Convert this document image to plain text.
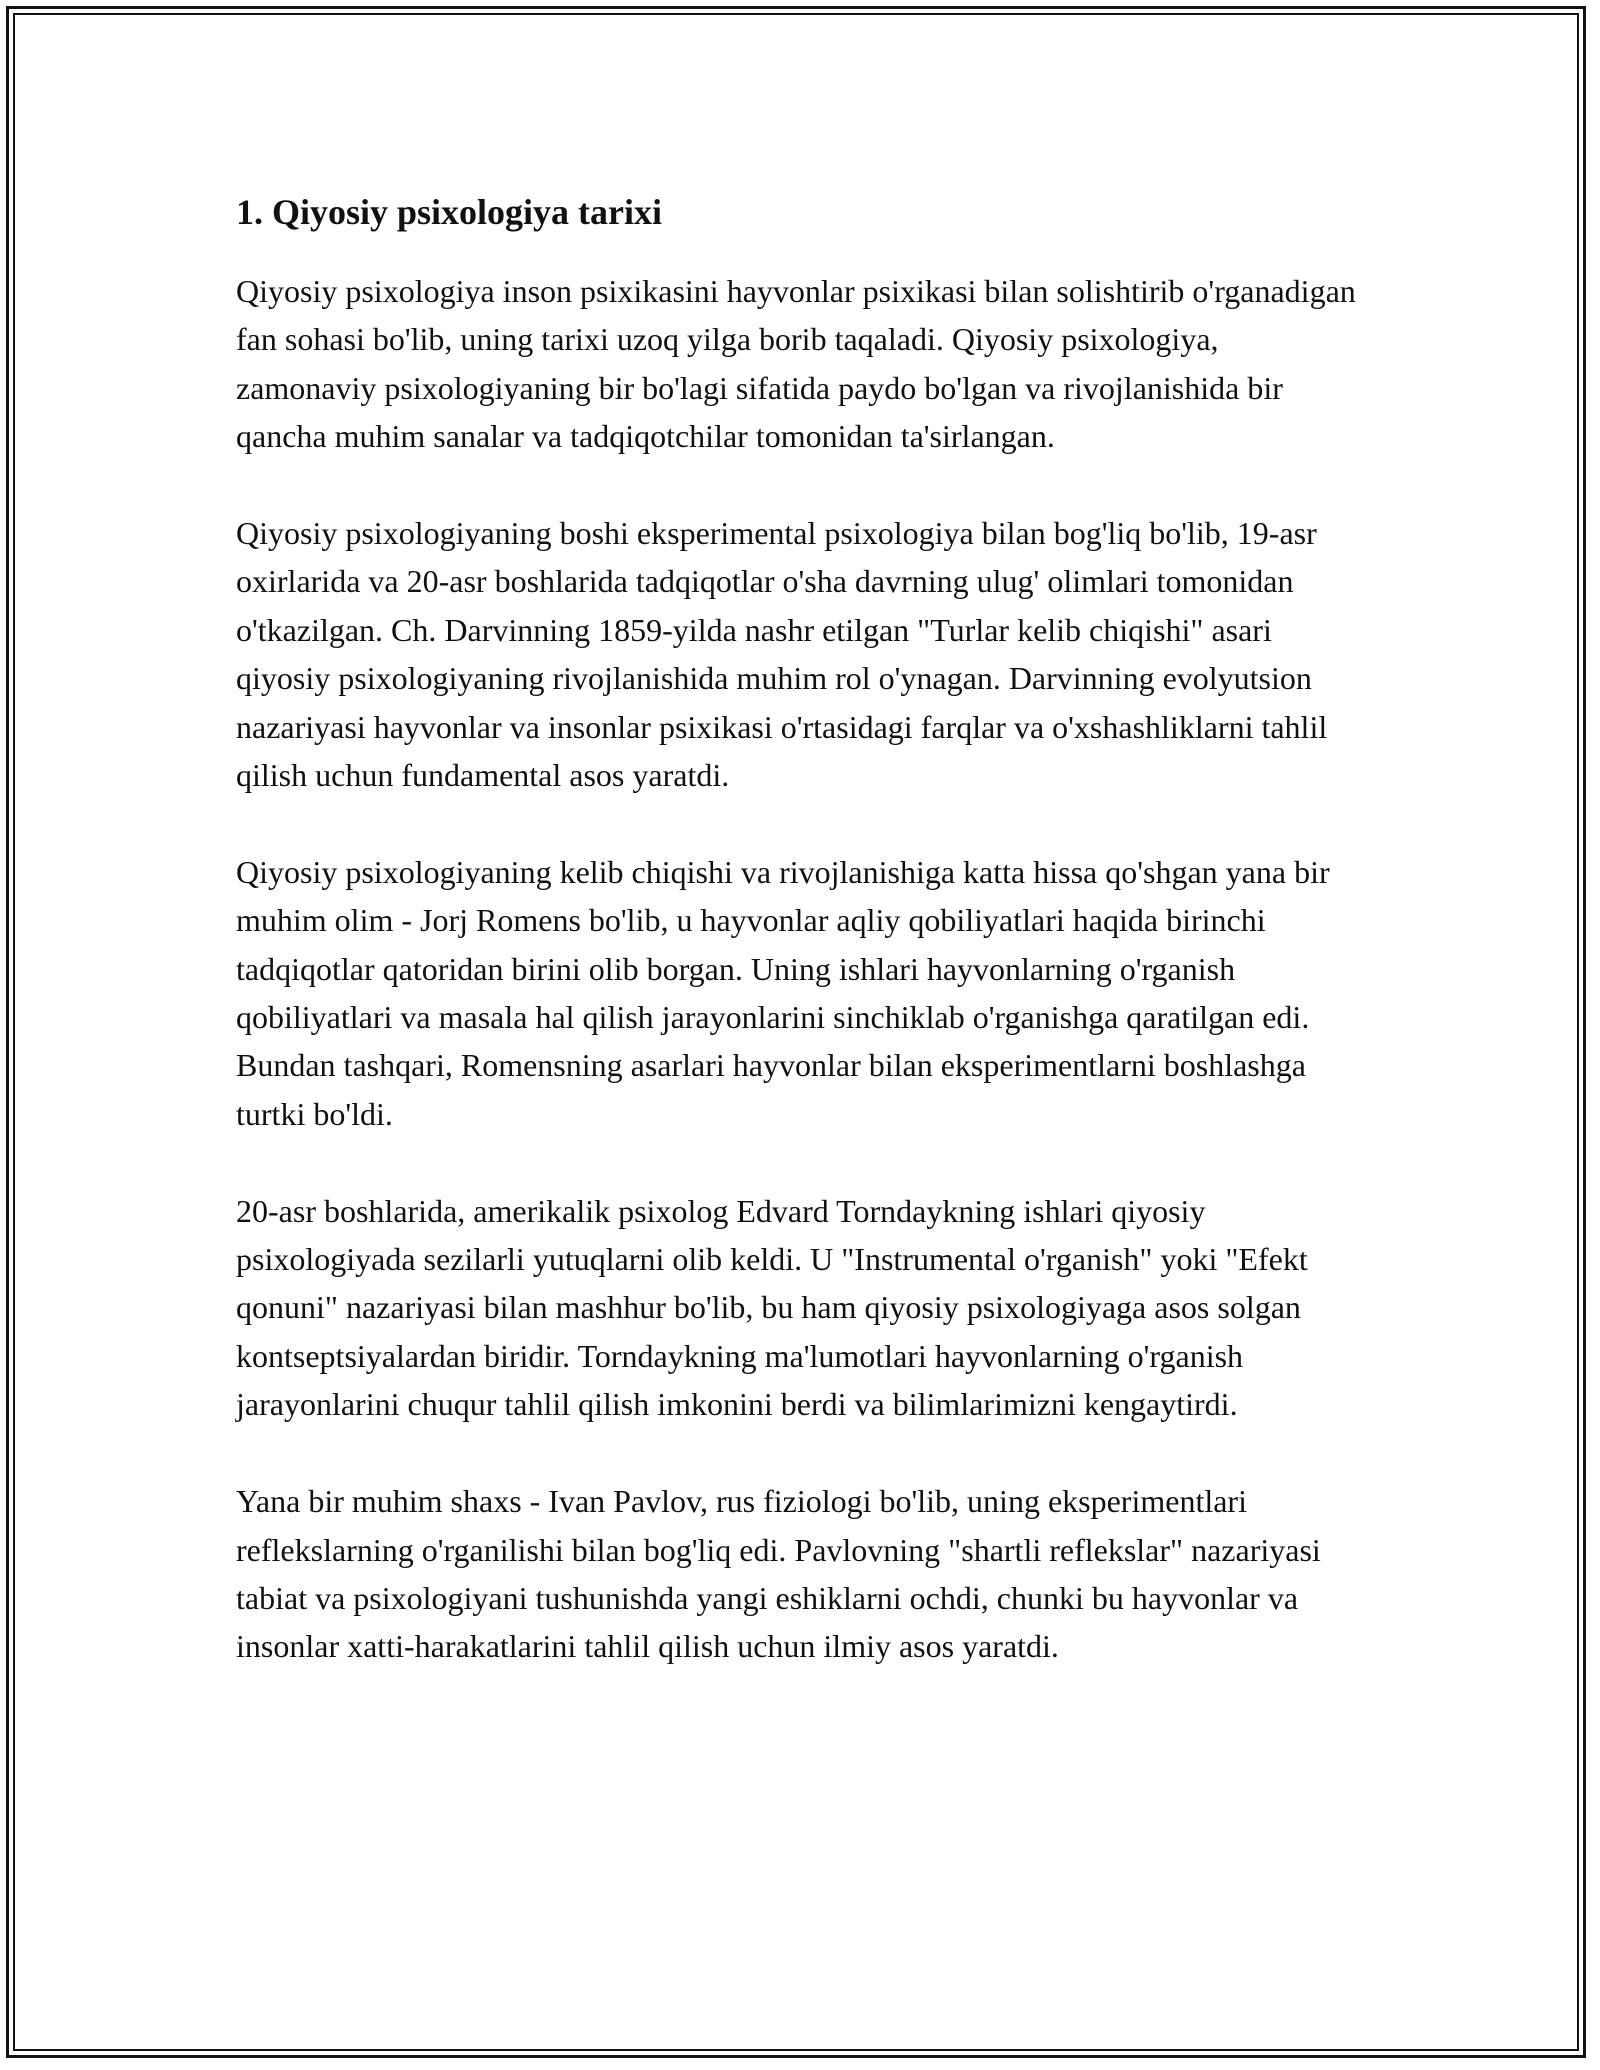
1. Qiyosiy psixologiya tarixi

Qiyosiy psixologiya inson psixikasini hayvonlar psixikasi bilan solishtirib o'rganadigan fan sohasi bo'lib, uning tarixi uzoq yilga borib taqaladi. Qiyosiy psixologiya, zamonaviy psixologiyaning bir bo'lagi sifatida paydo bo'lgan va rivojlanishida bir qancha muhim sanalar va tadqiqotchilar tomonidan ta'sirlangan.

Qiyosiy psixologiyaning boshi eksperimental psixologiya bilan bog'liq bo'lib, 19-asr oxirlarida va 20-asr boshlarida tadqiqotlar o'sha davrning ulug' olimlari tomonidan o'tkazilgan. Ch. Darvinning 1859-yilda nashr etilgan "Turlar kelib chiqishi" asari qiyosiy psixologiyaning rivojlanishida muhim rol o'ynagan. Darvinning evolyutsion nazariyasi hayvonlar va insonlar psixikasi o'rtasidagi farqlar va o'xshashliklarni tahlil qilish uchun fundamental asos yaratdi.

Qiyosiy psixologiyaning kelib chiqishi va rivojlanishiga katta hissa qo'shgan yana bir muhim olim - Jorj Romens bo'lib, u hayvonlar aqliy qobiliyatlari haqida birinchi tadqiqotlar qatoridan birini olib borgan. Uning ishlari hayvonlarning o'rganish qobiliyatlari va masala hal qilish jarayonlarini sinchiklab o'rganishga qaratilgan edi. Bundan tashqari, Romensning asarlari hayvonlar bilan eksperimentlarni boshlashga turtki bo'ldi.

20-asr boshlarida, amerikalik psixolog Edvard Torndaykning ishlari qiyosiy psixologiyada sezilarli yutuqlarni olib keldi. U "Instrumental o'rganish" yoki "Efekt qonuni" nazariyasi bilan mashhur bo'lib, bu ham qiyosiy psixologiyaga asos solgan kontseptsiyalardan biridir. Torndaykning ma'lumotlari hayvonlarning o'rganish jarayonlarini chuqur tahlil qilish imkonini berdi va bilimlarimizni kengaytirdi.

Yana bir muhim shaxs - Ivan Pavlov, rus fiziologi bo'lib, uning eksperimentlari reflekslarning o'rganilishi bilan bog'liq edi. Pavlovning "shartli reflekslar" nazariyasi tabiat va psixologiyani tushunishda yangi eshiklarni ochdi, chunki bu hayvonlar va insonlar xatti-harakatlarini tahlil qilish uchun ilmiy asos yaratdi.
